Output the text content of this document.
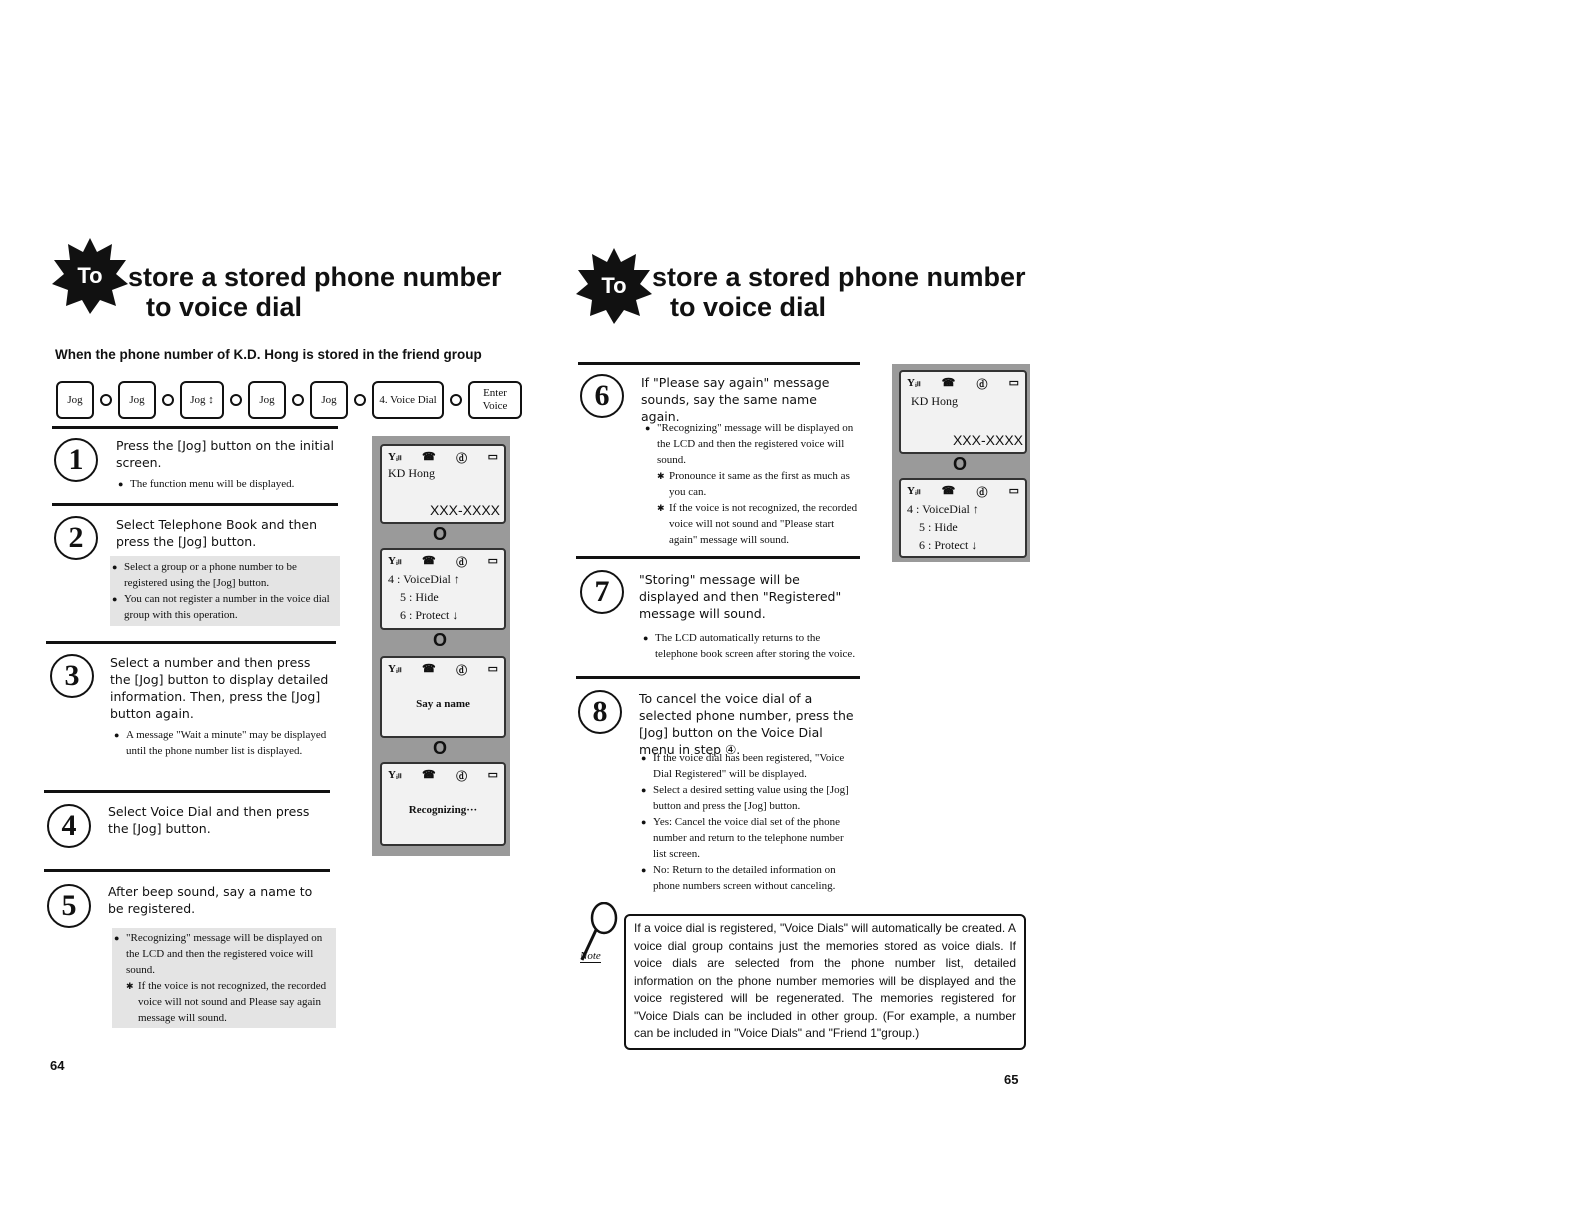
To store a stored phone number
to voice dial
When the phone number of K.D. Hong is stored in the friend group
Jog	Jog	Jog ↕	Jog	Jog	4. Voice Dial
Enter Voice
1	Press the [Jog] button on the initial screen.
● The function menu will be displayed.
2	Select Telephone Book and then press the [Jog] button.
● Select a group or a phone number to be registered using the [Jog] button.
● You can not register a number in the voice dial group with this operation.
3	Select a number and then press the [Jog] button to display detailed information. Then, press the [Jog] button again.
● A message "Wait a minute" may be displayed until the phone number list is displayed.
4	Select Voice Dial and then press the [Jog] button.
5	After beep sound, say a name to be registered.
● "Recognizing" message will be displayed on the LCD and then the registered voice will sound.
✱ If the voice is not recognized, the recorded voice will not sound and Please say again message will sound.
Yᵢₗₗ ☎ ⓓ ▭
KD Hong
XXX-XXXX
O
Yᵢₗₗ ☎ ⓓ ▭
4 : VoiceDial ↑
5 : Hide
6 : Protect ↓
O
Yᵢₗₗ ☎ ⓓ ▭
Say a name
O
Yᵢₗₗ ☎ ⓓ ▭
Recognizing···
64
To store a stored phone number
to voice dial
6	If "Please say again" message sounds, say the same name again.
● "Recognizing" message will be displayed on the LCD and then the registered voice will sound.
✱ Pronounce it same as the first as much as you can.
✱ If the voice is not recognized, the recorded voice will not sound and "Please start again" message will sound.
7	"Storing" message will be displayed and then "Registered" message will sound.
● The LCD automatically returns to the telephone book screen after storing the voice.
8	To cancel the voice dial of a selected phone number, press the [Jog] button on the Voice Dial menu in step ④.
● If the voice dial has been registered, "Voice Dial Registered" will be displayed.
● Select a desired setting value using the [Jog] button and press the [Jog] button.
● Yes: Cancel the voice dial set of the phone number and return to the telephone number list screen.
● No: Return to the detailed information on phone numbers screen without canceling.
Yᵢₗₗ ☎ ⓓ ▭
KD Hong
XXX-XXXX
O
Yᵢₗₗ ☎ ⓓ ▭
4 : VoiceDial ↑
5 : Hide
6 : Protect ↓
Note
If a voice dial is registered, "Voice Dials" will automatically be created. A voice dial group contains just the memories stored as voice dials. If voice dials are selected from the phone number list, detailed information on the phone number memories will be displayed and the voice registered will be regenerated. The memories registered for "Voice Dials can be included in other group. (For example, a number can be included in "Voice Dials" and "Friend 1"group.)
65
